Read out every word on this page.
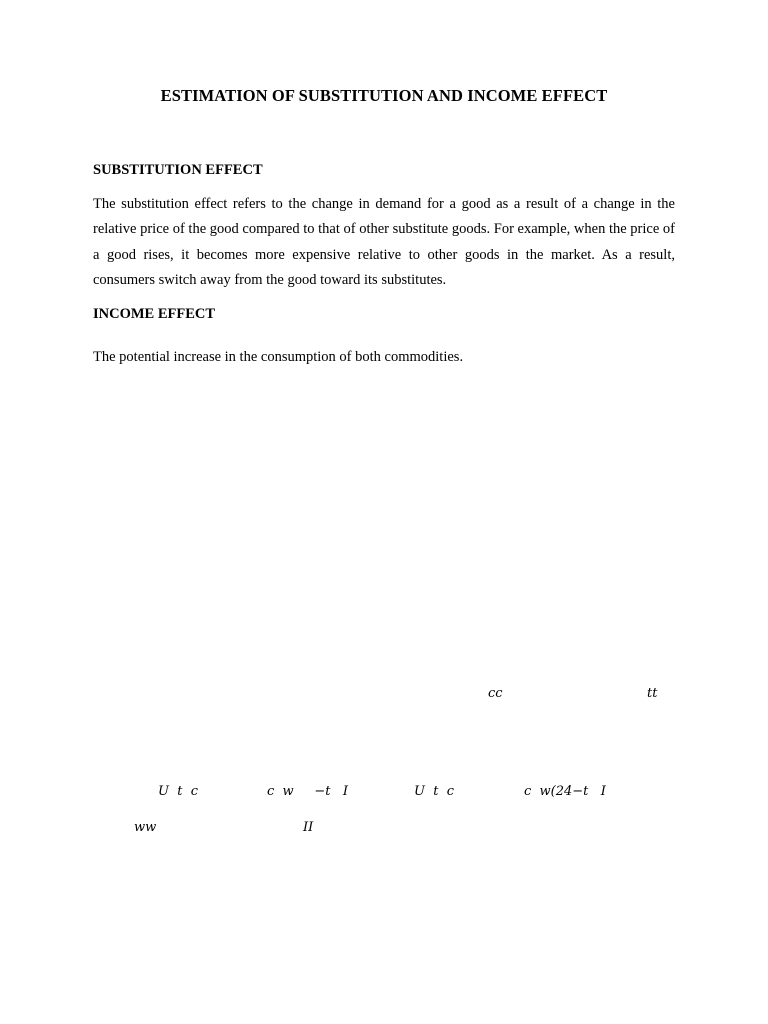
ESTIMATION OF SUBSTITUTION AND INCOME EFFECT
SUBSTITUTION EFFECT

The substitution effect refers to the change in demand for a good as a result of a change in the relative price of the good compared to that of other substitute goods. For example, when the price of a good rises, it becomes more expensive relative to other goods in the market. As a result, consumers switch away from the good toward its substitutes.

INCOME EFFECT

The potential increase in the consumption of both commodities.

cc	tt
U  t  c	c  w     −t   I	U  t  c	c  w(24−t   I
ww	II
